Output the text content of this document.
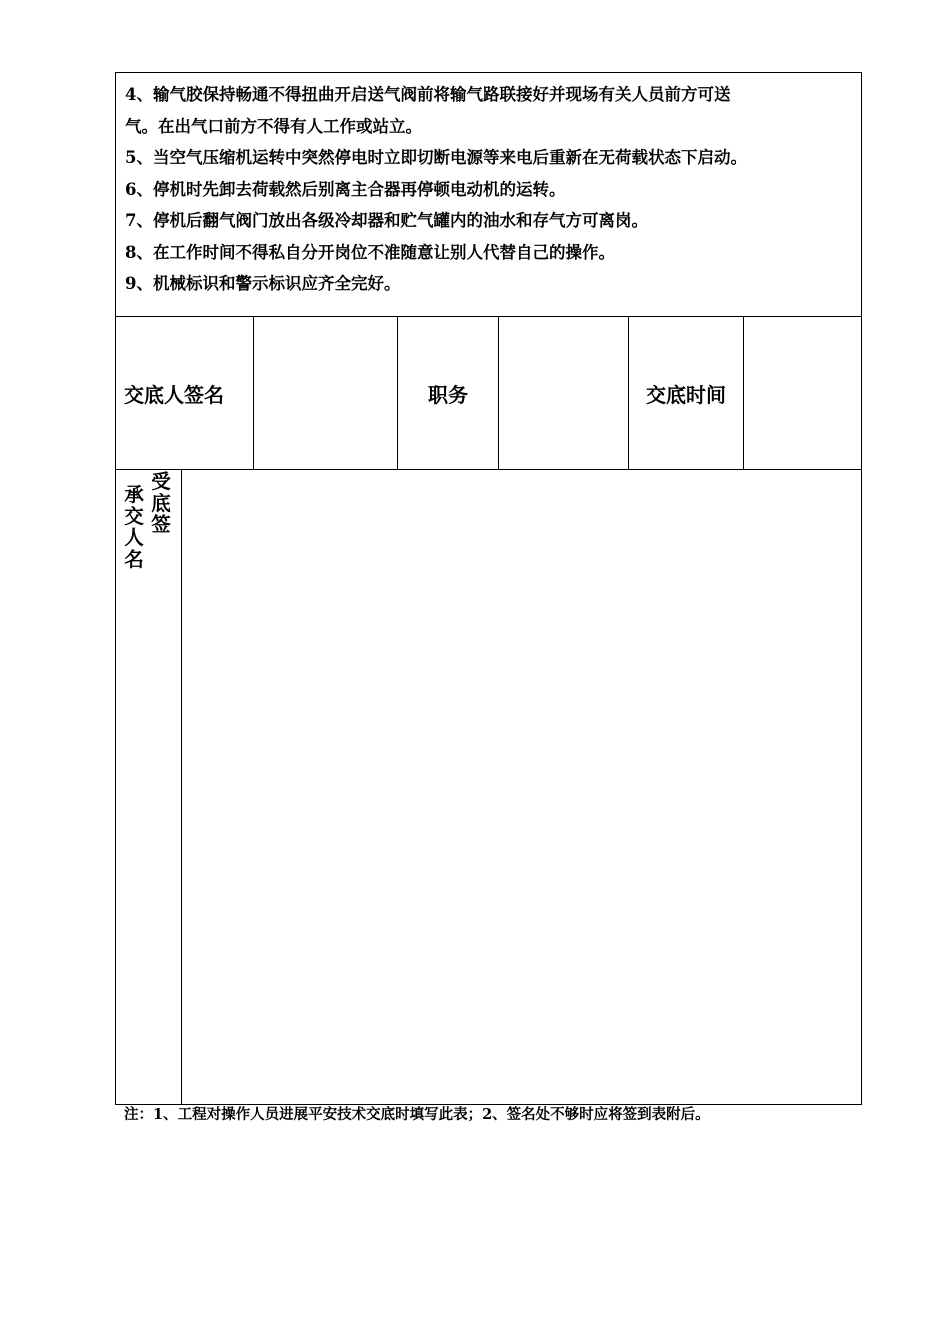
4、输气胶保持畅通不得扭曲开启送气阀前将输气路联接好并现场有关人员前方可送
气。在出气口前方不得有人工作或站立。
5、当空气压缩机运转中突然停电时立即切断电源等来电后重新在无荷载状态下启动。
6、停机时先卸去荷载然后别离主合器再停顿电动机的运转。
7、停机后翻气阀门放出各级冷却器和贮气罐内的油水和存气方可离岗。
8、在工作时间不得私自分开岗位不准随意让别人代替自己的操作。
9、机械标识和警示标识应齐全完好。
交底人签名	职务	交底时间
承
交
人
名
受
底
签
注：1、工程对操作人员进展平安技术交底时填写此表；2、签名处不够时应将签到表附后。
